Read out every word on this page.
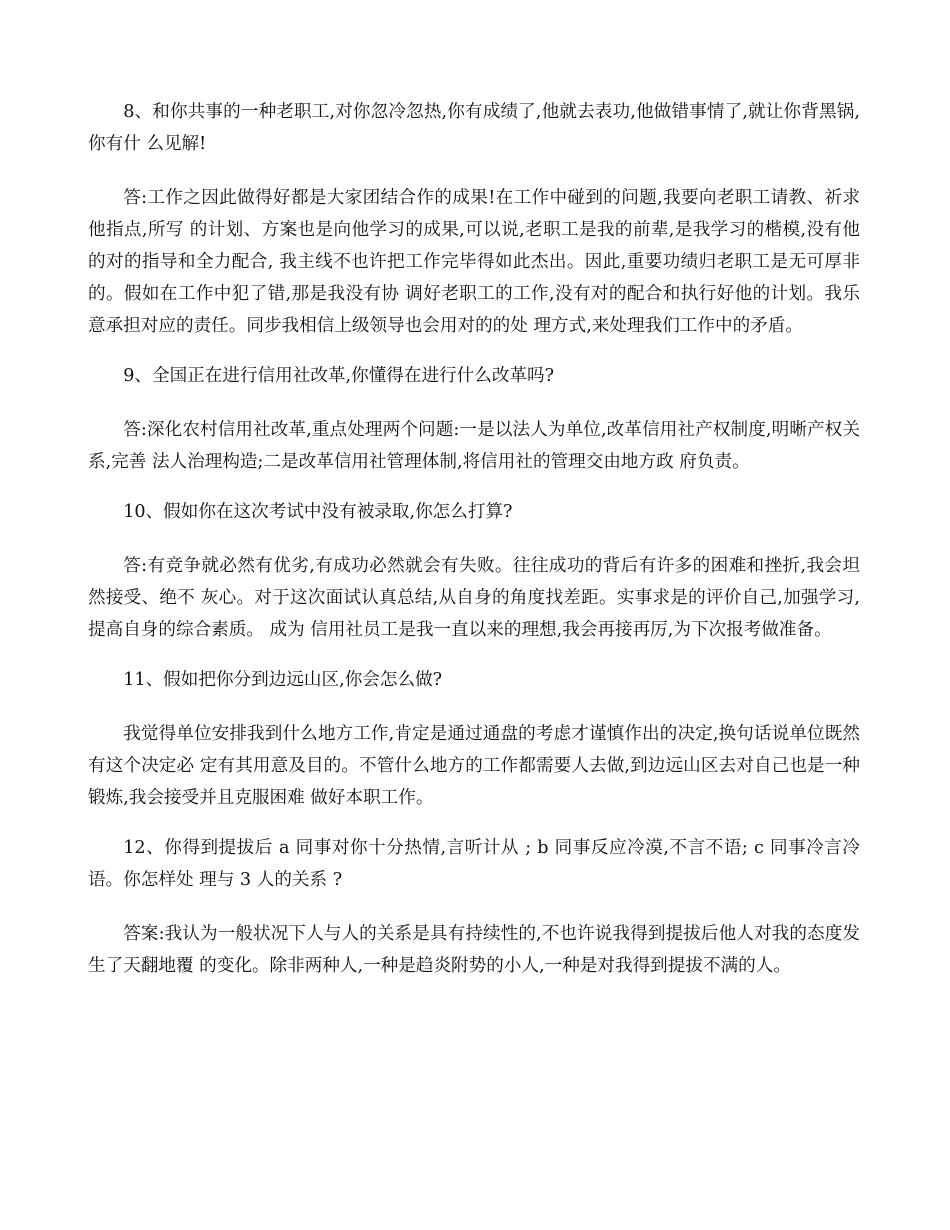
8、和你共事的一种老职工,对你忽冷忽热,你有成绩了,他就去表功,他做错事情了,就让你背黑锅,你有什 么见解!

答:工作之因此做得好都是大家团结合作的成果!在工作中碰到的问题,我要向老职工请教、祈求他指点,所写 的计划、方案也是向他学习的成果,可以说,老职工是我的前辈,是我学习的楷模,没有他的对的指导和全力配合, 我主线不也许把工作完毕得如此杰出。因此,重要功绩归老职工是无可厚非的。假如在工作中犯了错,那是我没有协 调好老职工的工作,没有对的配合和执行好他的计划。我乐意承担对应的责任。同步我相信上级领导也会用对的的处 理方式,来处理我们工作中的矛盾。

9、全国正在进行信用社改革,你懂得在进行什么改革吗?

答:深化农村信用社改革,重点处理两个问题:一是以法人为单位,改革信用社产权制度,明晰产权关系,完善 法人治理构造;二是改革信用社管理体制,将信用社的管理交由地方政 府负责。

10、假如你在这次考试中没有被录取,你怎么打算?

答:有竞争就必然有优劣,有成功必然就会有失败。往往成功的背后有许多的困难和挫折,我会坦然接受、绝不 灰心。对于这次面试认真总结,从自身的角度找差距。实事求是的评价自己,加强学习,提高自身的综合素质。 成为 信用社员工是我一直以来的理想,我会再接再厉,为下次报考做准备。

11、假如把你分到边远山区,你会怎么做?

我觉得单位安排我到什么地方工作,肯定是通过通盘的考虑才谨慎作出的决定,换句话说单位既然有这个决定必 定有其用意及目的。不管什么地方的工作都需要人去做,到边远山区去对自己也是一种锻炼,我会接受并且克服困难 做好本职工作。

12、你得到提拔后 a 同事对你十分热情,言听计从 ; b 同事反应冷漠,不言不语; c 同事冷言冷语。你怎样处 理与 3 人的关系 ?

答案:我认为一般状况下人与人的关系是具有持续性的,不也许说我得到提拔后他人对我的态度发生了天翻地覆 的变化。除非两种人,一种是趋炎附势的小人,一种是对我得到提拔不满的人。
